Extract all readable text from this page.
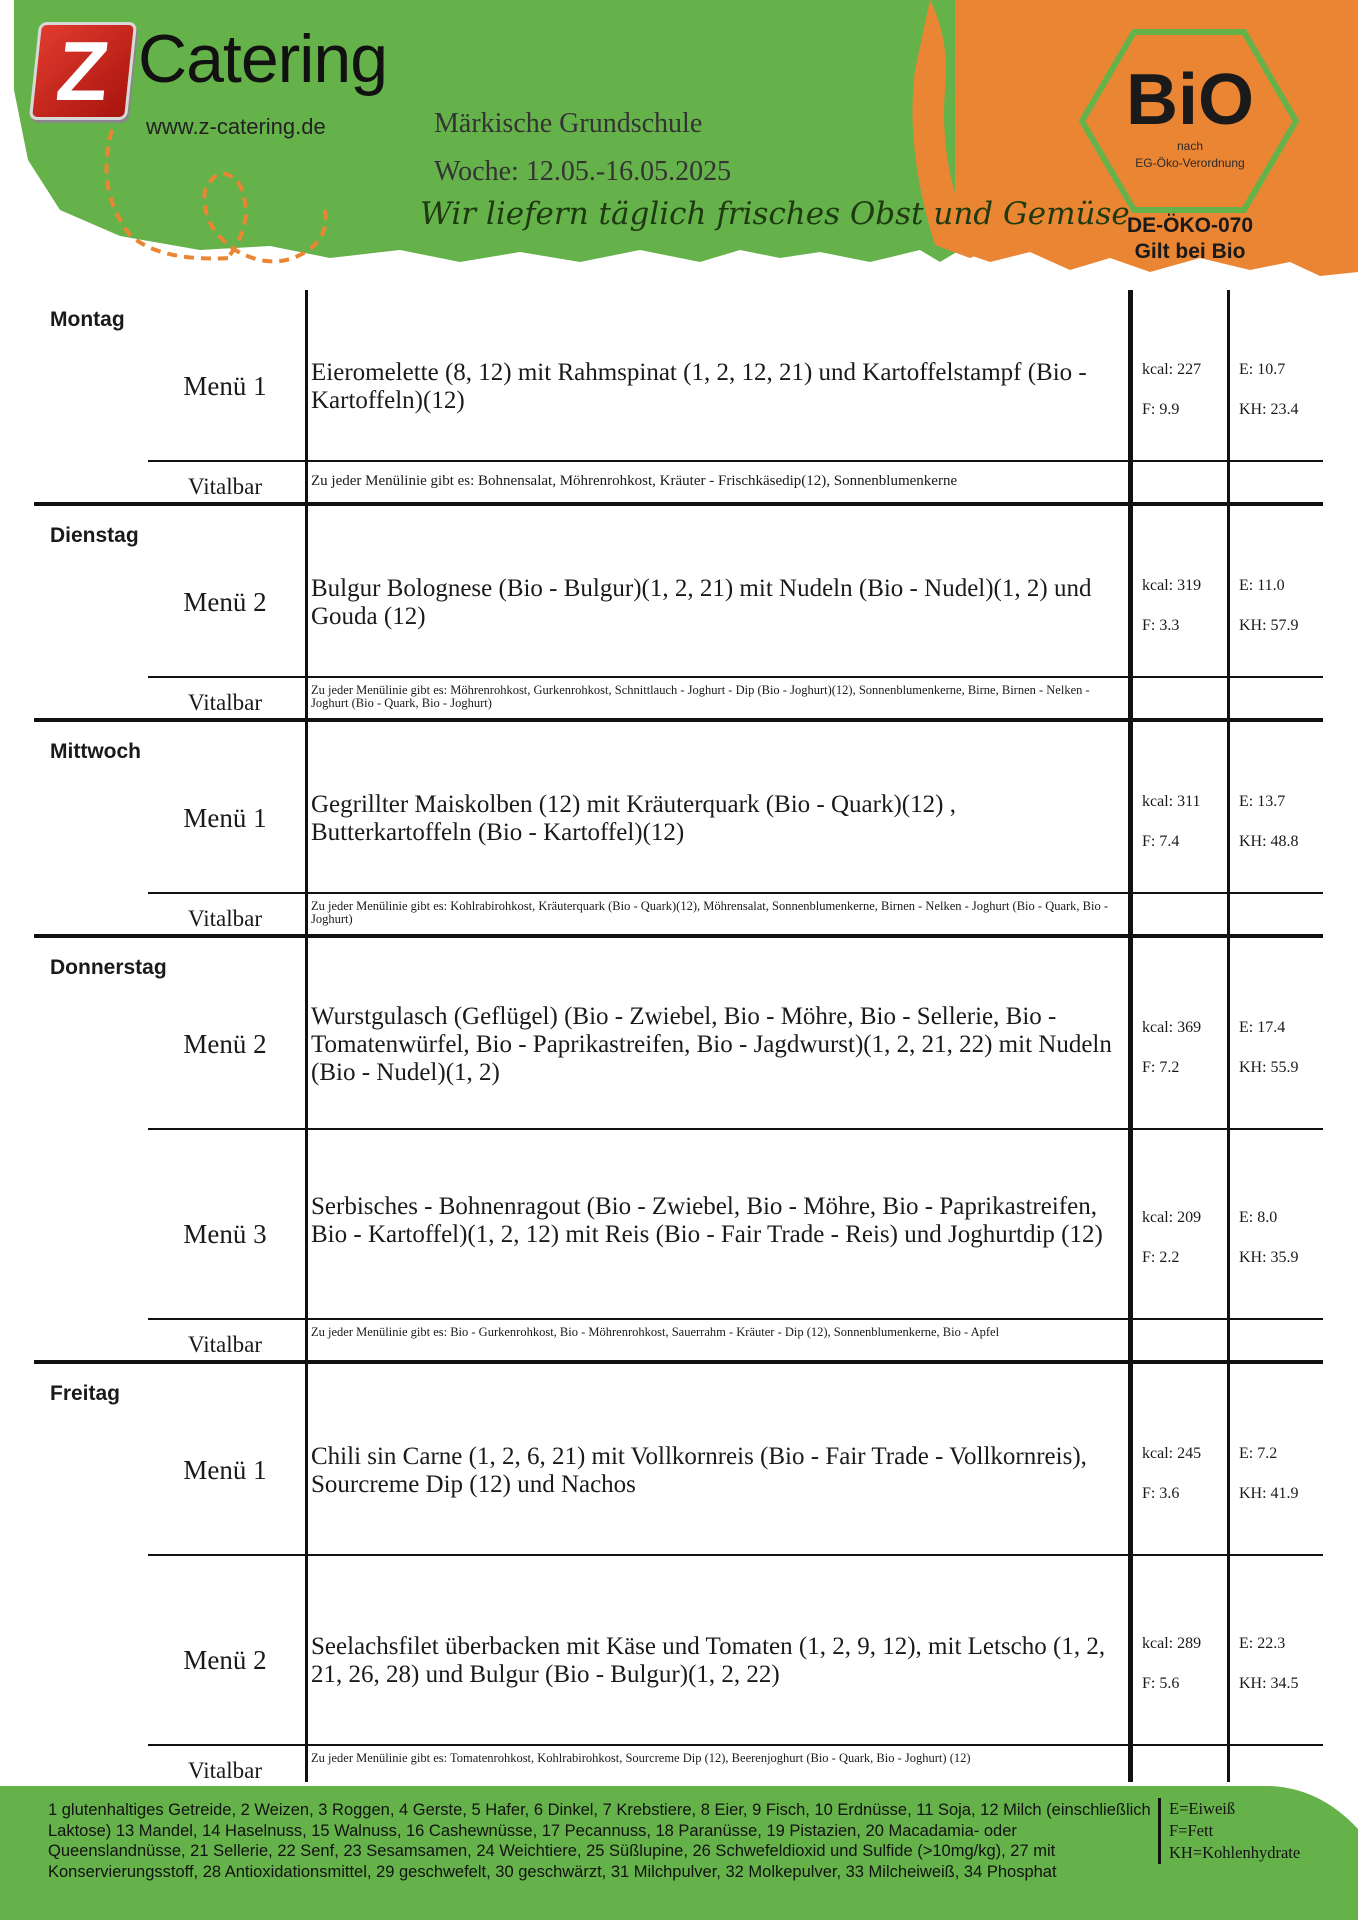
Z Catering
www.z-catering.de	Märkische Grundschule
Woche: 12.05.-16.05.2025
Wir liefern täglich frisches Obst und Gemüse
BiO
nach
EG-Öko-Verordnung
DE-ÖKO-070
Gilt bei Bio
Montag
Menü 1	Eieromelette (8, 12) mit Rahmspinat (1, 2, 12, 21) und Kartoffelstampf (Bio - Kartoffeln)(12)
kcal: 227
F: 9.9
E: 10.7
KH: 23.4
Vitalbar	Zu jeder Menülinie gibt es: Bohnensalat, Möhrenrohkost, Kräuter - Frischkäsedip(12), Sonnenblumenkerne
Dienstag
Menü 2	Bulgur Bolognese (Bio - Bulgur)(1, 2, 21) mit Nudeln (Bio - Nudel)(1, 2) und Gouda (12)
kcal: 319
F: 3.3
E: 11.0
KH: 57.9
Vitalbar	Zu jeder Menülinie gibt es: Möhrenrohkost, Gurkenrohkost, Schnittlauch - Joghurt - Dip (Bio - Joghurt)(12), Sonnenblumenkerne, Birne, Birnen - Nelken - Joghurt (Bio - Quark, Bio - Joghurt)
Mittwoch
Menü 1	Gegrillter Maiskolben (12) mit Kräuterquark (Bio - Quark)(12) , Butterkartoffeln (Bio - Kartoffel)(12)
kcal: 311
F: 7.4
E: 13.7
KH: 48.8
Vitalbar	Zu jeder Menülinie gibt es: Kohlrabirohkost, Kräuterquark (Bio - Quark)(12), Möhrensalat, Sonnenblumenkerne, Birnen - Nelken - Joghurt (Bio - Quark, Bio - Joghurt)
Donnerstag
Menü 2
Wurstgulasch (Geflügel) (Bio - Zwiebel, Bio - Möhre, Bio - Sellerie, Bio - Tomatenwürfel, Bio - Paprikastreifen, Bio - Jagdwurst)(1, 2, 21, 22) mit Nudeln (Bio - Nudel)(1, 2)
kcal: 369
F: 7.2
E: 17.4
KH: 55.9
Menü 3
Serbisches - Bohnenragout (Bio - Zwiebel, Bio - Möhre, Bio - Paprikastreifen, Bio - Kartoffel)(1, 2, 12) mit Reis (Bio - Fair Trade - Reis) und Joghurtdip (12)
kcal: 209
F: 2.2
E: 8.0
KH: 35.9
Vitalbar	Zu jeder Menülinie gibt es: Bio - Gurkenrohkost, Bio - Möhrenrohkost, Sauerrahm - Kräuter - Dip (12), Sonnenblumenkerne, Bio - Apfel
Freitag
Menü 1	Chili sin Carne (1, 2, 6, 21) mit Vollkornreis (Bio - Fair Trade - Vollkornreis), Sourcreme Dip (12) und Nachos
kcal: 245
F: 3.6
E: 7.2
KH: 41.9
Menü 2	Seelachsfilet überbacken mit Käse und Tomaten (1, 2, 9, 12), mit Letscho (1, 2, 21, 26, 28) und Bulgur (Bio - Bulgur)(1, 2, 22)
kcal: 289
F: 5.6
E: 22.3
KH: 34.5
Vitalbar	Zu jeder Menülinie gibt es: Tomatenrohkost, Kohlrabirohkost, Sourcreme Dip (12), Beerenjoghurt (Bio - Quark, Bio - Joghurt) (12)
1 glutenhaltiges Getreide, 2 Weizen, 3 Roggen, 4 Gerste, 5 Hafer, 6 Dinkel, 7 Krebstiere, 8 Eier, 9 Fisch, 10 Erdnüsse, 11 Soja, 12 Milch (einschließlich Laktose) 13 Mandel, 14 Haselnuss, 15 Walnuss, 16 Cashewnüsse, 17 Pecannuss, 18 Paranüsse, 19 Pistazien, 20 Macadamia- oder Queenslandnüsse, 21 Sellerie, 22 Senf, 23 Sesamsamen, 24 Weichtiere, 25 Süßlupine, 26 Schwefeldioxid und Sulfide (>10mg/kg), 27 mit Konservierungsstoff, 28 Antioxidationsmittel, 29 geschwefelt, 30 geschwärzt, 31 Milchpulver, 32 Molkepulver, 33 Milcheiweiß, 34 Phosphat
E=Eiweiß
F=Fett
KH=Kohlenhydrate
